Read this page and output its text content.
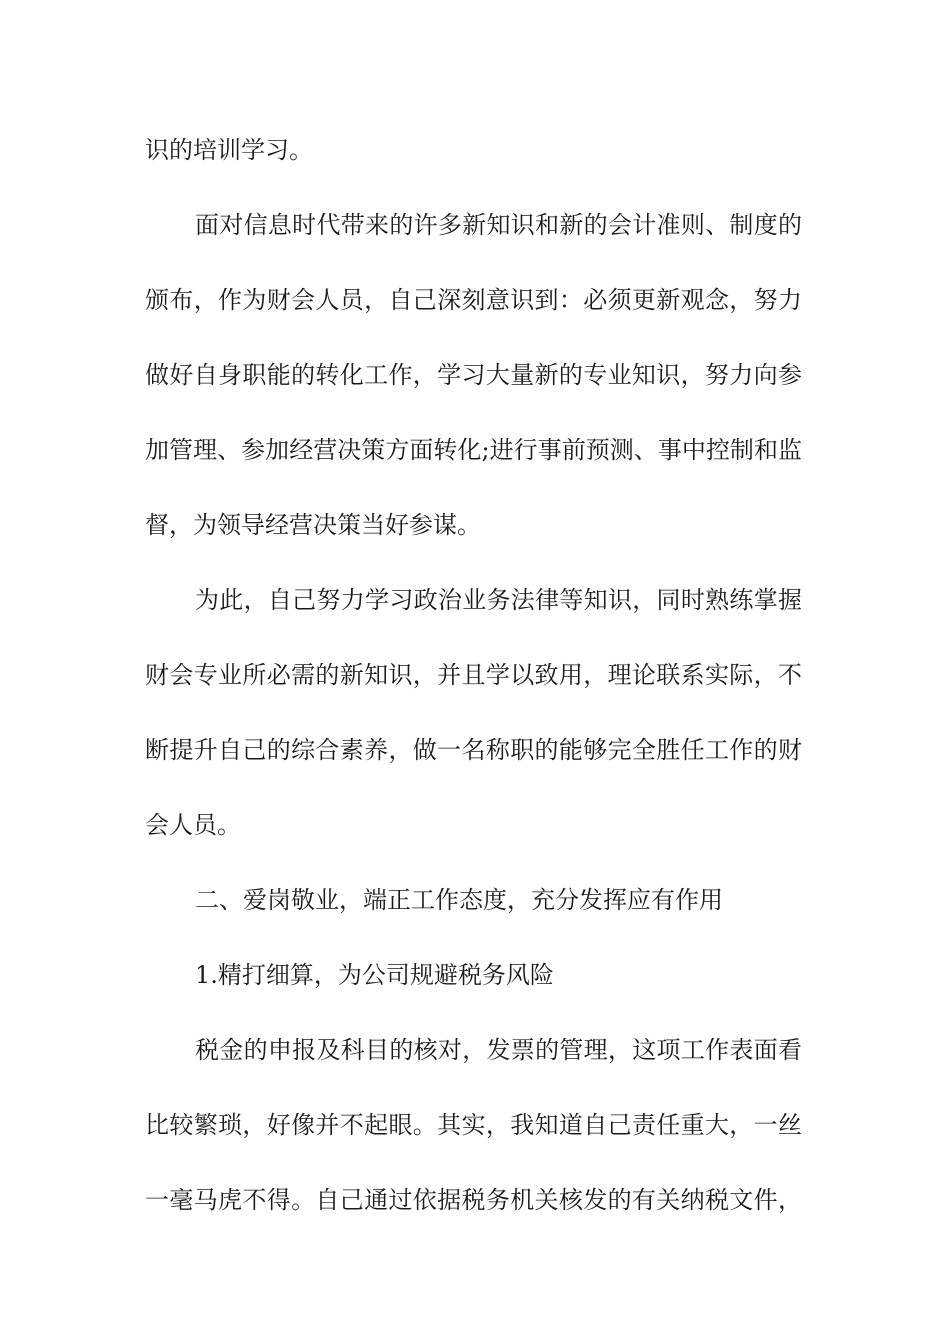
识的培训学习。
面对信息时代带来的许多新知识和新的会计准则、制度的
颁布，作为财会人员，自己深刻意识到：必须更新观念，努力
做好自身职能的转化工作，学习大量新的专业知识，努力向参
加管理、参加经营决策方面转化;进行事前预测、事中控制和监
督，为领导经营决策当好参谋。
为此，自己努力学习政治业务法律等知识，同时熟练掌握
财会专业所必需的新知识，并且学以致用，理论联系实际，不
断提升自己的综合素养，做一名称职的能够完全胜任工作的财
会人员。
二、爱岗敬业，端正工作态度，充分发挥应有作用
1.精打细算，为公司规避税务风险
税金的申报及科目的核对，发票的管理，这项工作表面看
比较繁琐，好像并不起眼。其实，我知道自己责任重大，一丝
一毫马虎不得。自己通过依据税务机关核发的有关纳税文件，
